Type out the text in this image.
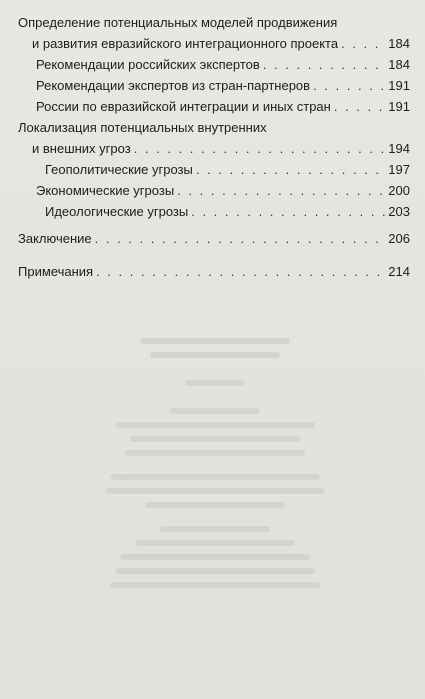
Определение потенциальных моделей продвижения
и развития евразийского интеграционного проекта . . .	184
Рекомендации российских экспертов . . .	184
Рекомендации экспертов из стран-партнеров . . .	191
России по евразийской интеграции и иных стран . . .	191
Локализация потенциальных внутренних
и внешних угроз . . .	194
Геополитические угрозы . . .	197
Экономические угрозы . . .	200
Идеологические угрозы . . .	203
Заключение . . .	206
Примечания . . .	214
